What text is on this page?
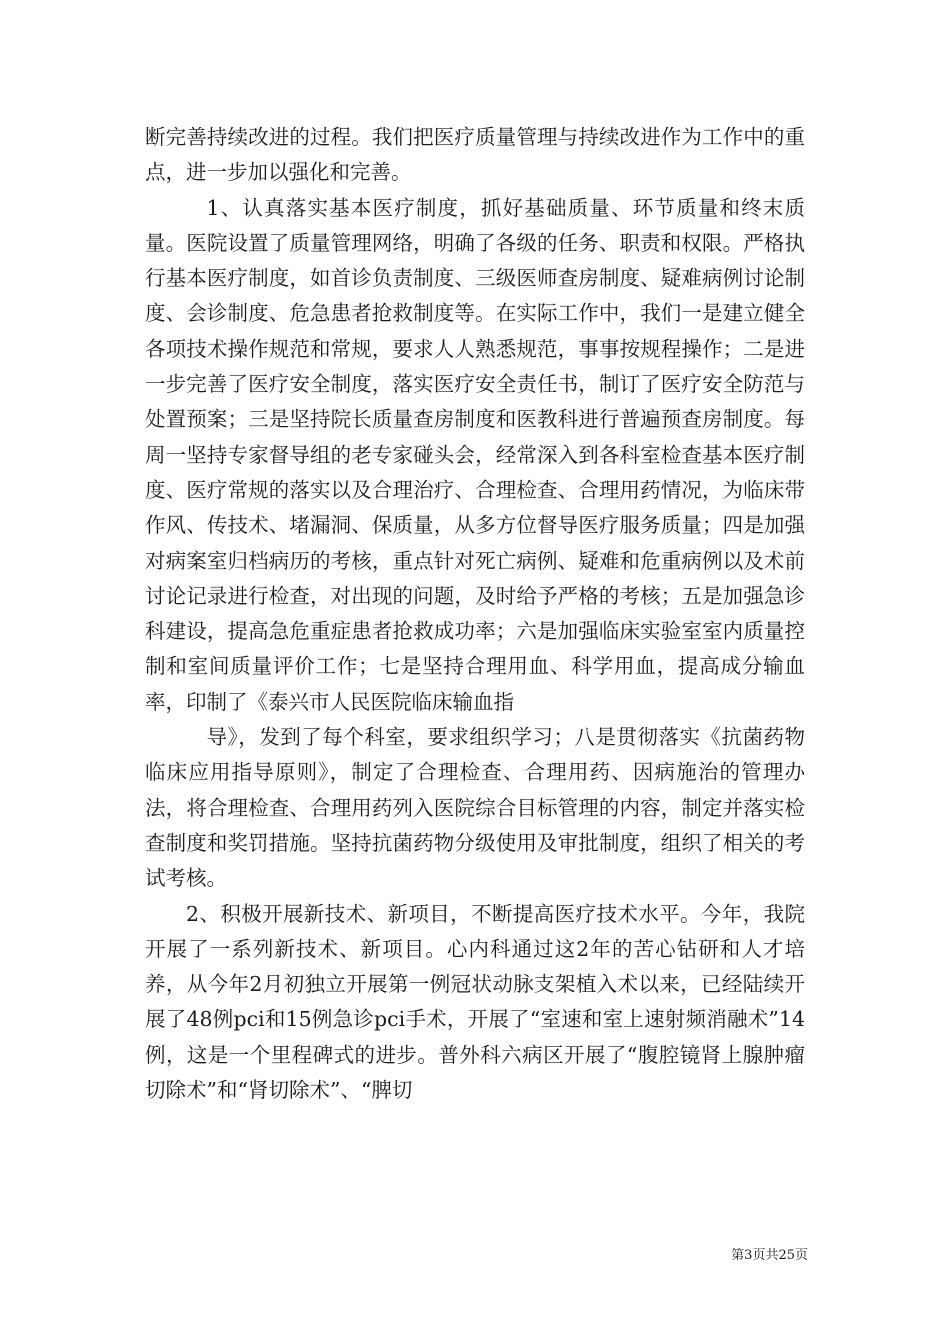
断完善持续改进的过程。我们把医疗质量管理与持续改进作为工作中的重点，进一步加以强化和完善。

1、认真落实基本医疗制度，抓好基础质量、环节质量和终末质量。医院设置了质量管理网络，明确了各级的任务、职责和权限。严格执行基本医疗制度，如首诊负责制度、三级医师查房制度、疑难病例讨论制度、会诊制度、危急患者抢救制度等。在实际工作中，我们一是建立健全各项技术操作规范和常规，要求人人熟悉规范，事事按规程操作；二是进一步完善了医疗安全制度，落实医疗安全责任书，制订了医疗安全防范与处置预案；三是坚持院长质量查房制度和医教科进行普遍预查房制度。每周一坚持专家督导组的老专家碰头会，经常深入到各科室检查基本医疗制度、医疗常规的落实以及合理治疗、合理检查、合理用药情况，为临床带作风、传技术、堵漏洞、保质量，从多方位督导医疗服务质量；四是加强对病案室归档病历的考核，重点针对死亡病例、疑难和危重病例以及术前讨论记录进行检查，对出现的问题，及时给予严格的考核；五是加强急诊科建设，提高急危重症患者抢救成功率；六是加强临床实验室室内质量控制和室间质量评价工作；七是坚持合理用血、科学用血，提高成分输血率，印制了《泰兴市人民医院临床输血指

导》，发到了每个科室，要求组织学习；八是贯彻落实《抗菌药物临床应用指导原则》，制定了合理检查、合理用药、因病施治的管理办法，将合理检查、合理用药列入医院综合目标管理的内容，制定并落实检查制度和奖罚措施。坚持抗菌药物分级使用及审批制度，组织了相关的考试考核。

2、积极开展新技术、新项目，不断提高医疗技术水平。今年，我院开展了一系列新技术、新项目。心内科通过这2年的苦心钻研和人才培养，从今年2月初独立开展第一例冠状动脉支架植入术以来，已经陆续开展了48例pci和15例急诊pci手术，开展了“室速和室上速射频消融术”14例，这是一个里程碑式的进步。普外科六病区开展了“腹腔镜肾上腺肿瘤切除术”和“肾切除术”、“脾切

第3页共25页
